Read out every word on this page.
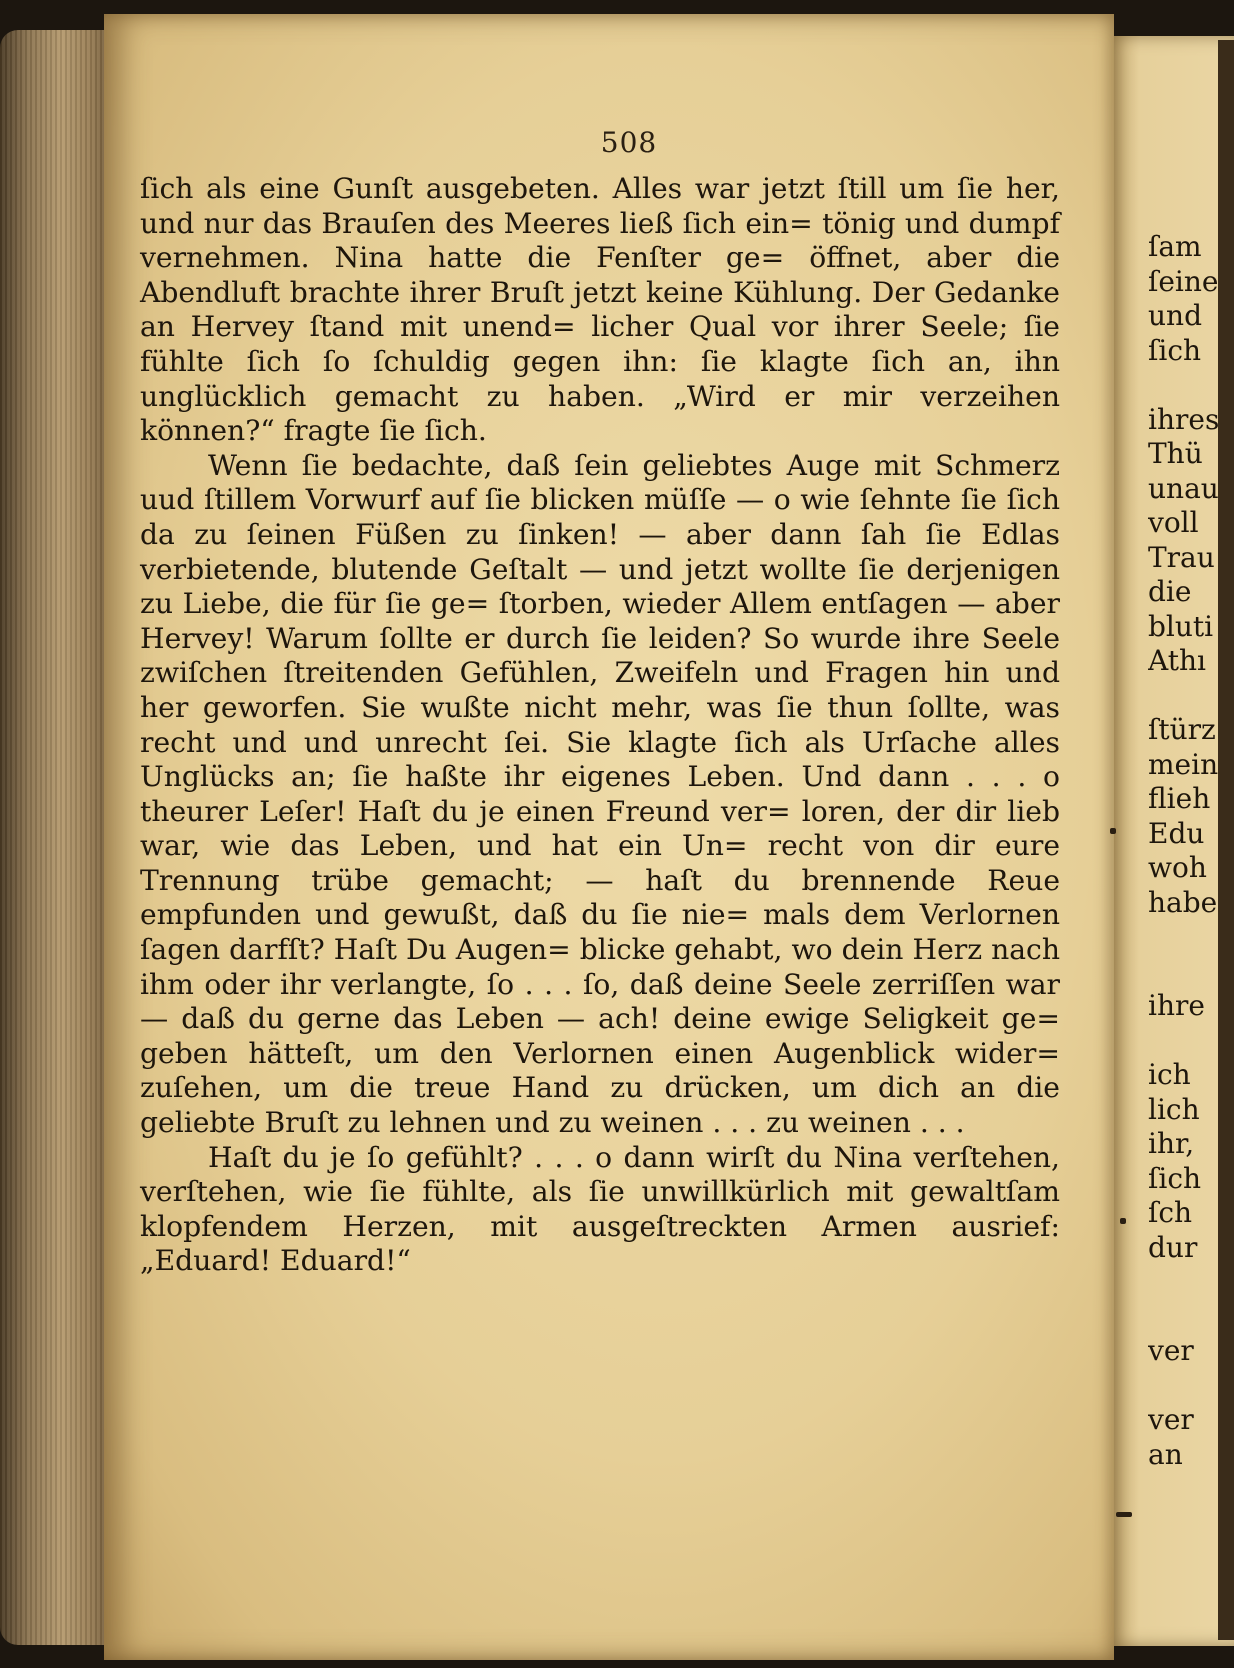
508

ſich als eine Gunſt ausgebeten. Alles war jetzt ſtill um ſie her, und nur das Brauſen des Meeres ließ ſich ein= tönig und dumpf vernehmen. Nina hatte die Fenſter ge= öffnet, aber die Abendluft brachte ihrer Bruſt jetzt keine Kühlung. Der Gedanke an Hervey ſtand mit unend= licher Qual vor ihrer Seele; ſie fühlte ſich ſo ſchuldig gegen ihn: ſie klagte ſich an, ihn unglücklich gemacht zu haben. „Wird er mir verzeihen können?“ fragte ſie ſich.

Wenn ſie bedachte, daß ſein geliebtes Auge mit Schmerz uud ſtillem Vorwurf auf ſie blicken müſſe — o wie ſehnte ſie ſich da zu ſeinen Füßen zu ſinken! — aber dann ſah ſie Edlas verbietende, blutende Geſtalt — und jetzt wollte ſie derjenigen zu Liebe, die für ſie ge= ſtorben, wieder Allem entſagen — aber Hervey! Warum ſollte er durch ſie leiden? So wurde ihre Seele zwiſchen ſtreitenden Gefühlen, Zweifeln und Fragen hin und her geworfen. Sie wußte nicht mehr, was ſie thun ſollte, was recht und und unrecht ſei. Sie klagte ſich als Urſache alles Unglücks an; ſie haßte ihr eigenes Leben. Und dann . . . o theurer Leſer! Haſt du je einen Freund ver= loren, der dir lieb war, wie das Leben, und hat ein Un= recht von dir eure Trennung trübe gemacht; — haſt du brennende Reue empfunden und gewußt, daß du ſie nie= mals dem Verlornen ſagen darfſt? Haſt Du Augen= blicke gehabt, wo dein Herz nach ihm oder ihr verlangte, ſo . . . ſo, daß deine Seele zerriſſen war — daß du gerne das Leben — ach! deine ewige Seligkeit ge= geben hätteſt, um den Verlornen einen Augenblick wider= zuſehen, um die treue Hand zu drücken, um dich an die geliebte Bruſt zu lehnen und zu weinen . . . zu weinen . . .

Haſt du je ſo gefühlt? . . . o dann wirſt du Nina verſtehen, verſtehen, wie ſie fühlte, als ſie unwillkürlich mit gewaltſam klopfendem Herzen, mit ausgeſtreckten Armen ausrief: „Eduard! Eduard!“

ſam
ſeine
und
ſich
ihres
Thü
unau
voll
Trau
die
bluti
Athı
ſtürz
mein
flieh
Edu
woh
habe
ihre
ich
lich
ihr,
ſich
ſch
dur
ver
ver
an
